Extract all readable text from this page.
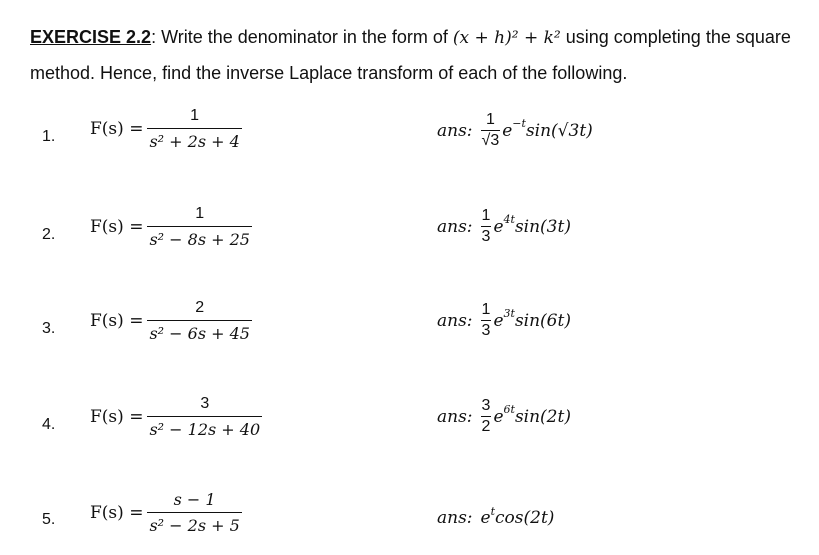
EXERCISE 2.2: Write the denominator in the form of (x + h)² + k² using completing the square method. Hence, find the inverse Laplace transform of each of the following.
1. $F(s) = \frac{1}{\text{s² + 2s + 4}}$	ans: $\frac{1}{√3}$ e −t sin(√3t)
2. $F(s) = \frac{1}{\text{s² − 8s + 25}}$	ans: $\frac{1}{3}$ e 4t sin(3t)
3. $F(s) = \frac{2}{\text{s² − 6s + 45}}$	ans: $\frac{1}{3}$ e 3t sin(6t)
4. $F(s) = \frac{3}{\text{s² − 12s + 40}}$	ans: $\frac{3}{2}$ e 6t sin(2t)
5. $F(s) = \frac{s - 1}{\text{s² − 2s + 5}}$	ans: e t cos(2t)
